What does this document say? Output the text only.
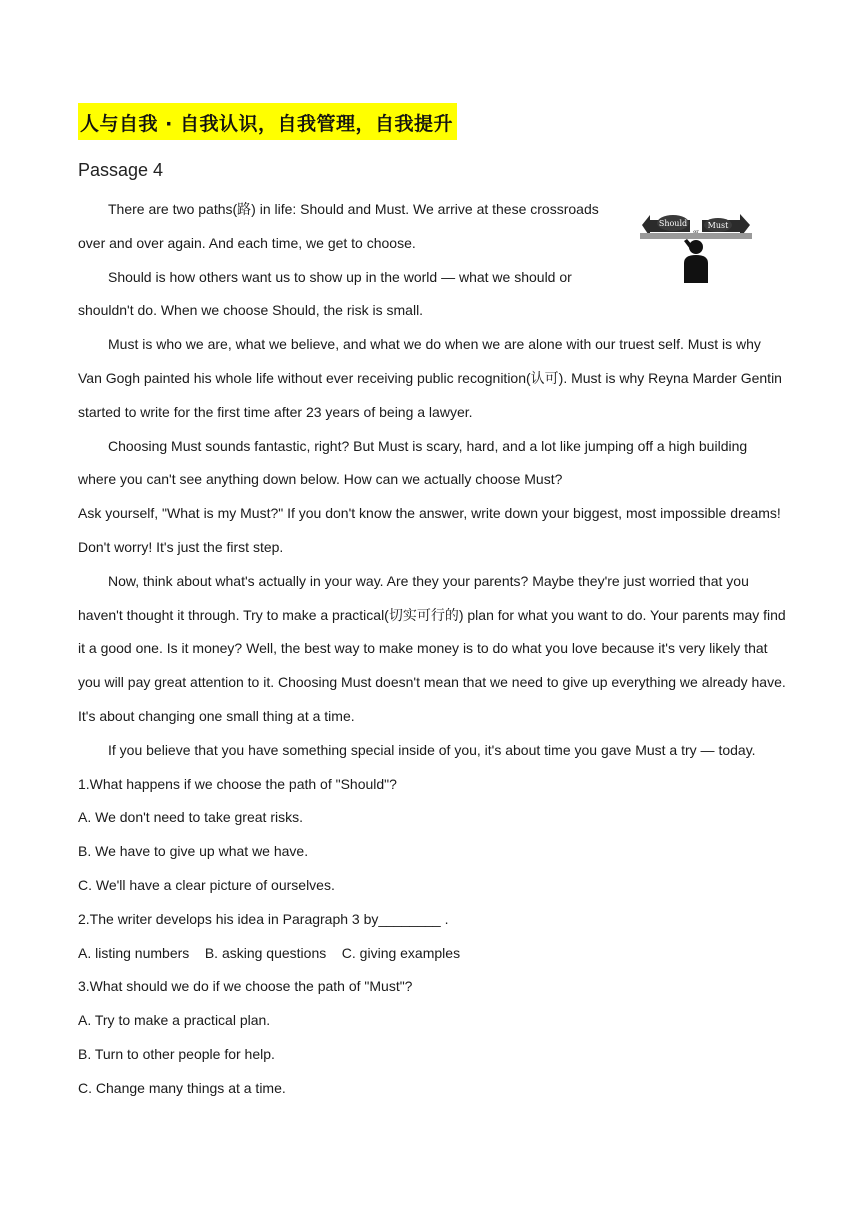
人与自我 · 自我认识，自我管理，自我提升
Passage 4

There are two paths(路) in life: Should and Must. We arrive at these crossroads over and over again. And each time, we get to choose.

Should is how others want us to show up in the world — what we should or shouldn't do. When we choose Should, the risk is small.

Must is who we are, what we believe, and what we do when we are alone with our truest self. Must is why Van Gogh painted his whole life without ever receiving public recognition(认可). Must is why Reyna Marder Gentin started to write for the first time after 23 years of being a lawyer.

Choosing Must sounds fantastic, right? But Must is scary, hard, and a lot like jumping off a high building where you can't see anything down below. How can we actually choose Must?

Ask yourself, "What is my Must?" If you don't know the answer, write down your biggest, most impossible dreams! Don't worry! It's just the first step.

Now, think about what's actually in your way. Are they your parents? Maybe they're just worried that you haven't thought it through. Try to make a practical(切实可行的) plan for what you want to do. Your parents may find it a good one. Is it money? Well, the best way to make money is to do what you love because it's very likely that you will pay great attention to it. Choosing Must doesn't mean that we need to give up everything we already have. It's about changing one small thing at a time.

If you believe that you have something special inside of you, it's about time you gave Must a try — today.

1.What happens if we choose the path of "Should"?

A. We don't need to take great risks.

B. We have to give up what we have.

C. We'll have a clear picture of ourselves.

2.The writer develops his idea in Paragraph 3 by________ .

A. listing numbers    B. asking questions    C. giving examples

3.What should we do if we choose the path of "Must"?

A. Try to make a practical plan.

B. Turn to other people for help.

C. Change many things at a time.

Should	Must
or
